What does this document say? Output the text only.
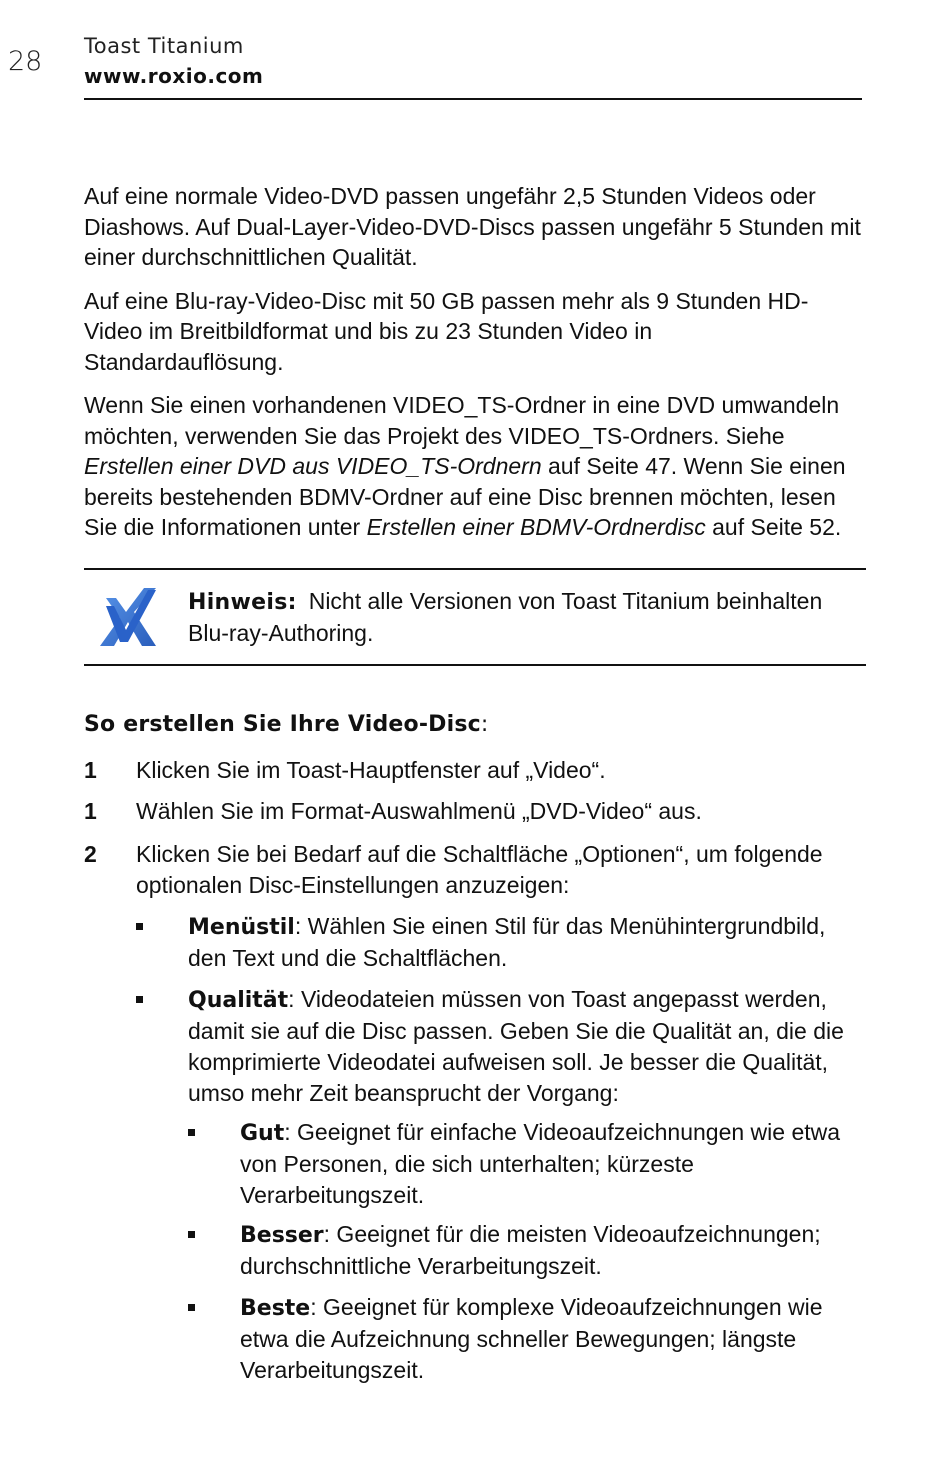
28 Toast Titanium
www.roxio.com

Auf eine normale Video-DVD passen ungefähr 2,5 Stunden Videos oder Diashows. Auf Dual-Layer-Video-DVD-Discs passen ungefähr 5 Stunden mit einer durchschnittlichen Qualität.

Auf eine Blu-ray-Video-Disc mit 50 GB passen mehr als 9 Stunden HD-
Video im Breitbildformat und bis zu 23 Stunden Video in
Standardauflösung.

Wenn Sie einen vorhandenen VIDEO_TS-Ordner in eine DVD umwandeln möchten, verwenden Sie das Projekt des VIDEO_TS-Ordners. Siehe Erstellen einer DVD aus VIDEO_TS-Ordnern auf Seite 47. Wenn Sie einen bereits bestehenden BDMV-Ordner auf eine Disc brennen möchten, lesen Sie die Informationen unter Erstellen einer BDMV-Ordnerdisc auf Seite 52.

Hinweis: Nicht alle Versionen von Toast Titanium beinhalten Blu-ray-Authoring.
So erstellen Sie Ihre Video-Disc:
1	Klicken Sie im Toast-Hauptfenster auf „Video“.
1	Wählen Sie im Format-Auswahlmenü „DVD-Video“ aus.
2	Klicken Sie bei Bedarf auf die Schaltfläche „Optionen“, um folgende optionalen Disc-Einstellungen anzuzeigen:
Menüstil: Wählen Sie einen Stil für das Menühintergrundbild, den Text und die Schaltflächen.
Qualität: Videodateien müssen von Toast angepasst werden, damit sie auf die Disc passen. Geben Sie die Qualität an, die die komprimierte Videodatei aufweisen soll. Je besser die Qualität, umso mehr Zeit beansprucht der Vorgang:
Gut: Geeignet für einfache Videoaufzeichnungen wie etwa von Personen, die sich unterhalten; kürzeste Verarbeitungszeit.
Besser: Geeignet für die meisten Videoaufzeichnungen; durchschnittliche Verarbeitungszeit.
Beste: Geeignet für komplexe Videoaufzeichnungen wie etwa die Aufzeichnung schneller Bewegungen; längste Verarbeitungszeit.
